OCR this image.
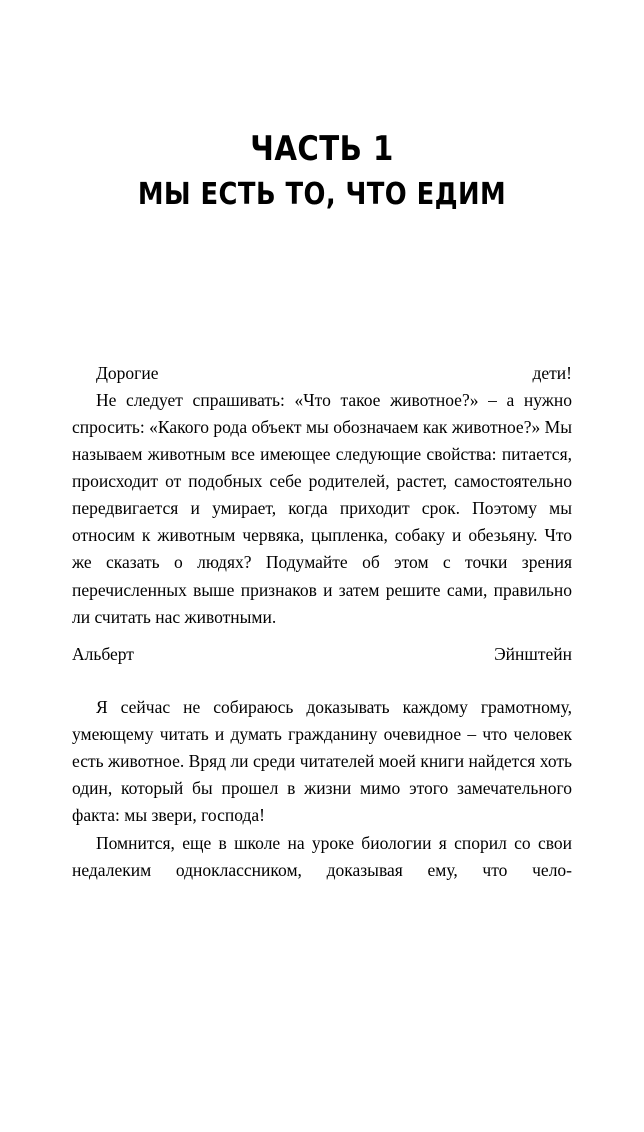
ЧАСТЬ 1
МЫ ЕСТЬ ТО, ЧТО ЕДИМ

Дорогие дети!

Не следует спрашивать: «Что такое животное?» – а нужно спросить: «Какого рода объект мы обозначаем как животное?» Мы называем животным все имеющее следующие свойства: питается, происходит от подобных себе родителей, растет, самостоятельно передвигается и умирает, когда приходит срок. Поэтому мы относим к животным червяка, цыпленка, собаку и обезьяну. Что же сказать о людях? Подумайте об этом с точки зрения перечисленных выше признаков и затем решите сами, правильно ли считать нас животными.

Альберт Эйнштейн

Я сейчас не собираюсь доказывать каждому грамотному, умеющему читать и думать гражданину очевидное – что человек есть животное. Вряд ли среди читателей моей книги найдется хоть один, который бы прошел в жизни мимо этого замечательного факта: мы звери, господа!

Помнится, еще в школе на уроке биологии я спорил со свои недалеким одноклассником, доказывая ему, что чело-
